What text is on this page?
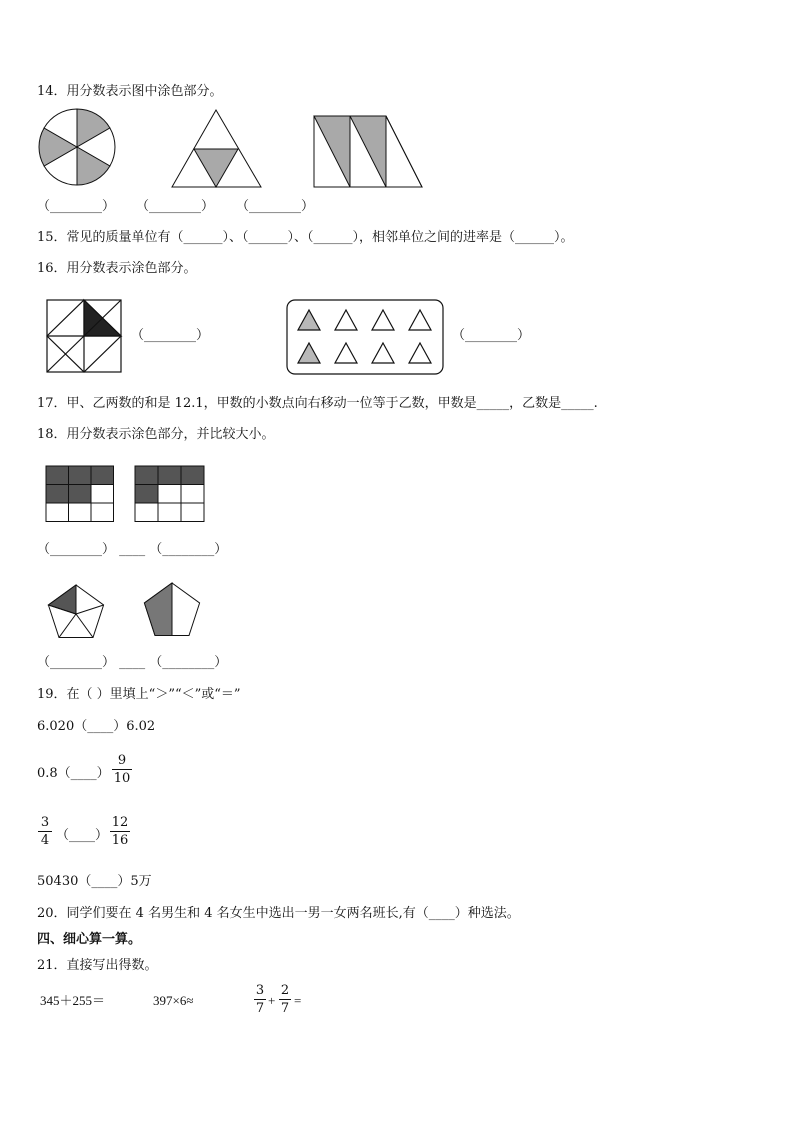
14．用分数表示图中涂色部分。
（________） （________） （________）
15．常见的质量单位有（______）、（______）、（______），相邻单位之间的进率是（______）。
16．用分数表示涂色部分。
（________）	（________）
17．甲、乙两数的和是 12.1，甲数的小数点向右移动一位等于乙数，甲数是_____，乙数是_____.
18．用分数表示涂色部分，并比较大小。
（________） ____ （________）
（________） ____ （________）
19．在（ ）里填上“＞”“＜”或“＝”
6.020（____）6.02
0.8（____）
9
10
3
4 （____）
12
16
50430（____）5万
20．同学们要在 4 名男生和 4 名女生中选出一男一女两名班长,有（____）种选法。
四、细心算一算。
21．直接写出得数。
345＋255＝	397×6≈
3
7
+
2
7
=
